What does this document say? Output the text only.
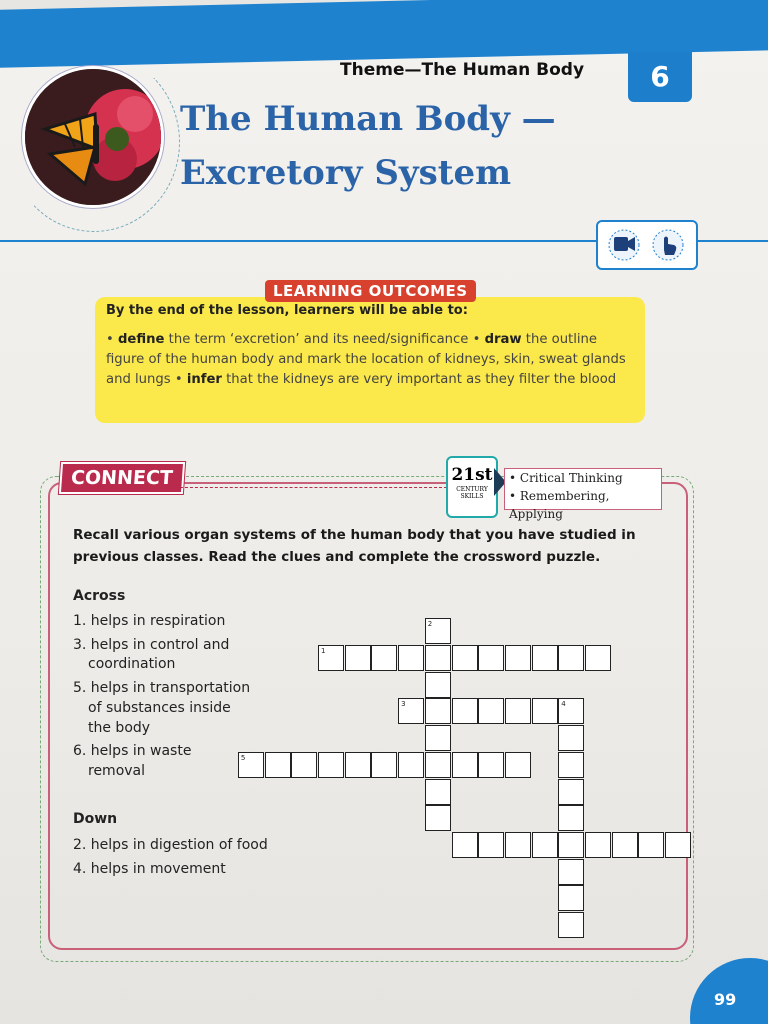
6
Theme—The Human Body
The Human Body —
Excretory System
LEARNING OUTCOMES
By the end of the lesson, learners will be able to:
• define the term ‘excretion’ and its need/significance • draw the outline figure of the human body and mark the location of kidneys, skin, sweat glands and lungs • infer that the kidneys are very important as they filter the blood
CONNECT	21st
CENTURY
SKILLS
• Critical Thinking
• Remembering, Applying
Recall various organ systems of the human body that you have studied in previous classes. Read the clues and complete the crossword puzzle.
Across
1. helps in respiration
3. helps in control and
coordination
5. helps in transportation
of substances inside
the body
6. helps in waste
removal
Down
2. helps in digestion of food
4. helps in movement
1
2
3	4
5
99
